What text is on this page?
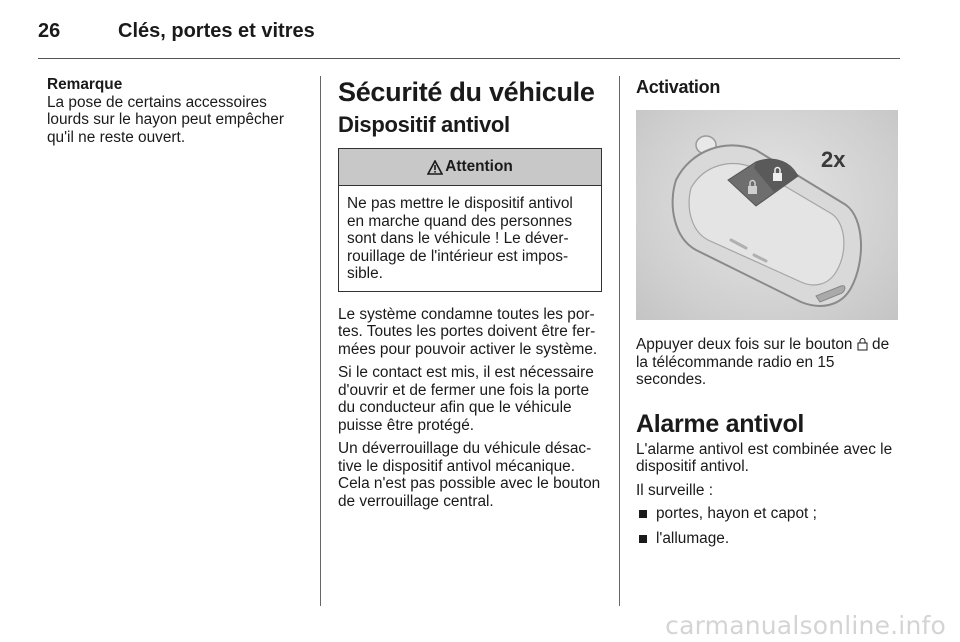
26	Clés, portes et vitres
Remarque
La pose de certains accessoires lourds sur le hayon peut empêcher qu'il ne reste ouvert.
Sécurité du véhicule
Dispositif antivol
Attention
Ne pas mettre le dispositif antivol en marche quand des personnes sont dans le véhicule ! Le déverrouillage de l'intérieur est impossible.

Le système condamne toutes les portes. Toutes les portes doivent être fermées pour pouvoir activer le système.

Si le contact est mis, il est nécessaire d'ouvrir et de fermer une fois la porte du conducteur afin que le véhicule puisse être protégé.

Un déverrouillage du véhicule désactive le dispositif antivol mécanique. Cela n'est pas possible avec le bouton de verrouillage central.

Activation
2x

Appuyer deux fois sur le bouton  de la télécommande radio en 15 secondes.

Alarme antivol

L'alarme antivol est combinée avec le dispositif antivol.

Il surveille :

portes, hayon et capot ;
l'allumage.
carmanualsonline.info
